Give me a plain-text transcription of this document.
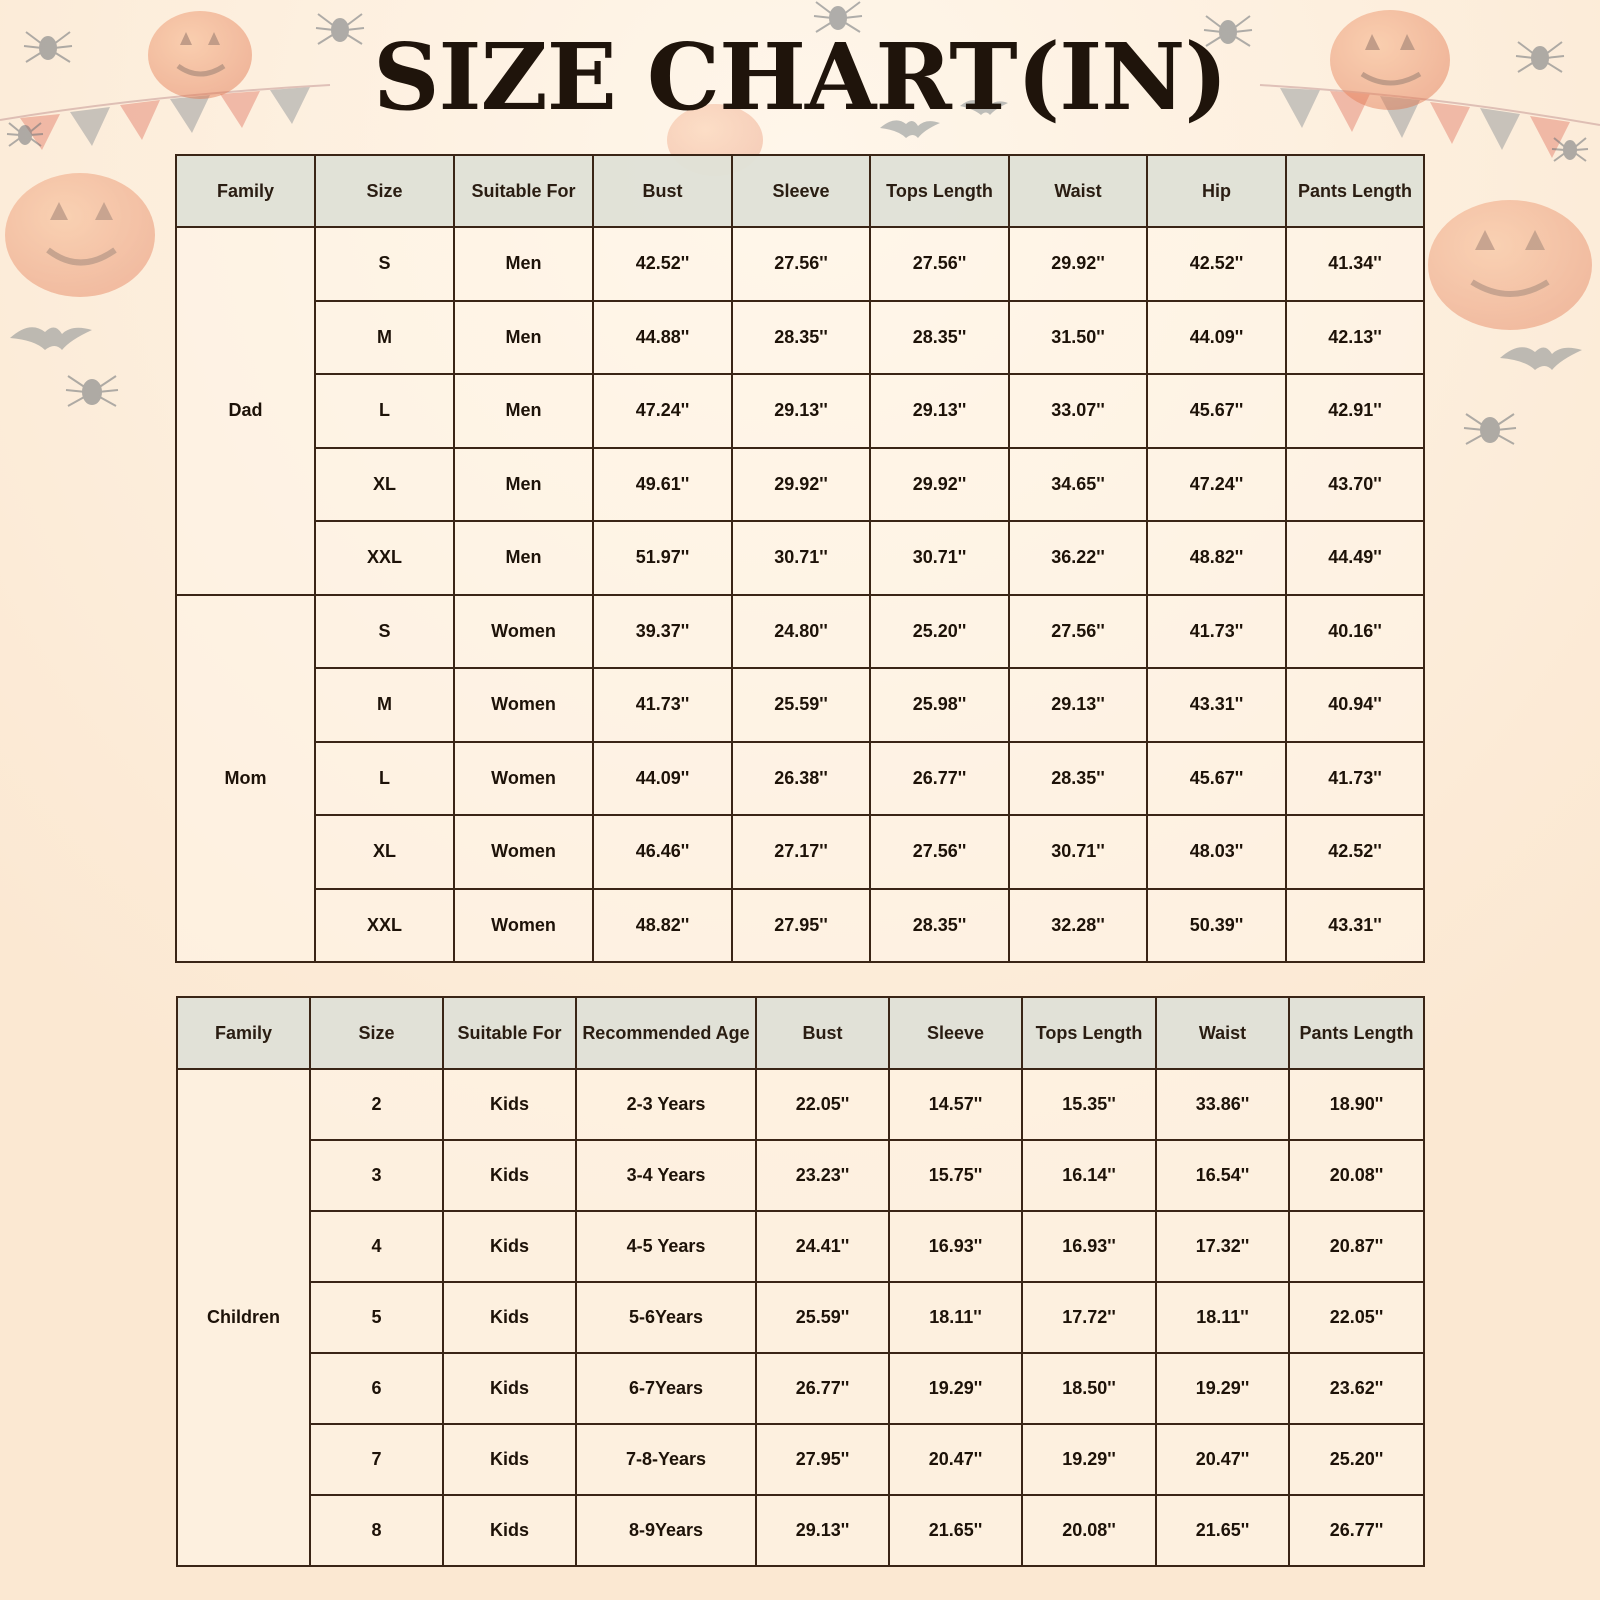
SIZE CHART(IN)
Family	Size	Suitable For	Bust	Sleeve	Tops Length	Waist	Hip	Pants Length
Dad	S	Men	42.52''	27.56''	27.56''	29.92''	42.52''	41.34''
	M	Men	44.88''	28.35''	28.35''	31.50''	44.09''	42.13''
	L	Men	47.24''	29.13''	29.13''	33.07''	45.67''	42.91''
	XL	Men	49.61''	29.92''	29.92''	34.65''	47.24''	43.70''
	XXL	Men	51.97''	30.71''	30.71''	36.22''	48.82''	44.49''
Mom	S	Women	39.37''	24.80''	25.20''	27.56''	41.73''	40.16''
	M	Women	41.73''	25.59''	25.98''	29.13''	43.31''	40.94''
	L	Women	44.09''	26.38''	26.77''	28.35''	45.67''	41.73''
	XL	Women	46.46''	27.17''	27.56''	30.71''	48.03''	42.52''
	XXL	Women	48.82''	27.95''	28.35''	32.28''	50.39''	43.31''
Family	Size	Suitable For	Recommended Age	Bust	Sleeve	Tops Length	Waist	Pants Length
Children	2	Kids	2-3 Years	22.05''	14.57''	15.35''	33.86''	18.90''
	3	Kids	3-4 Years	23.23''	15.75''	16.14''	16.54''	20.08''
	4	Kids	4-5 Years	24.41''	16.93''	16.93''	17.32''	20.87''
	5	Kids	5-6Years	25.59''	18.11''	17.72''	18.11''	22.05''
	6	Kids	6-7Years	26.77''	19.29''	18.50''	19.29''	23.62''
	7	Kids	7-8-Years	27.95''	20.47''	19.29''	20.47''	25.20''
	8	Kids	8-9Years	29.13''	21.65''	20.08''	21.65''	26.77''
